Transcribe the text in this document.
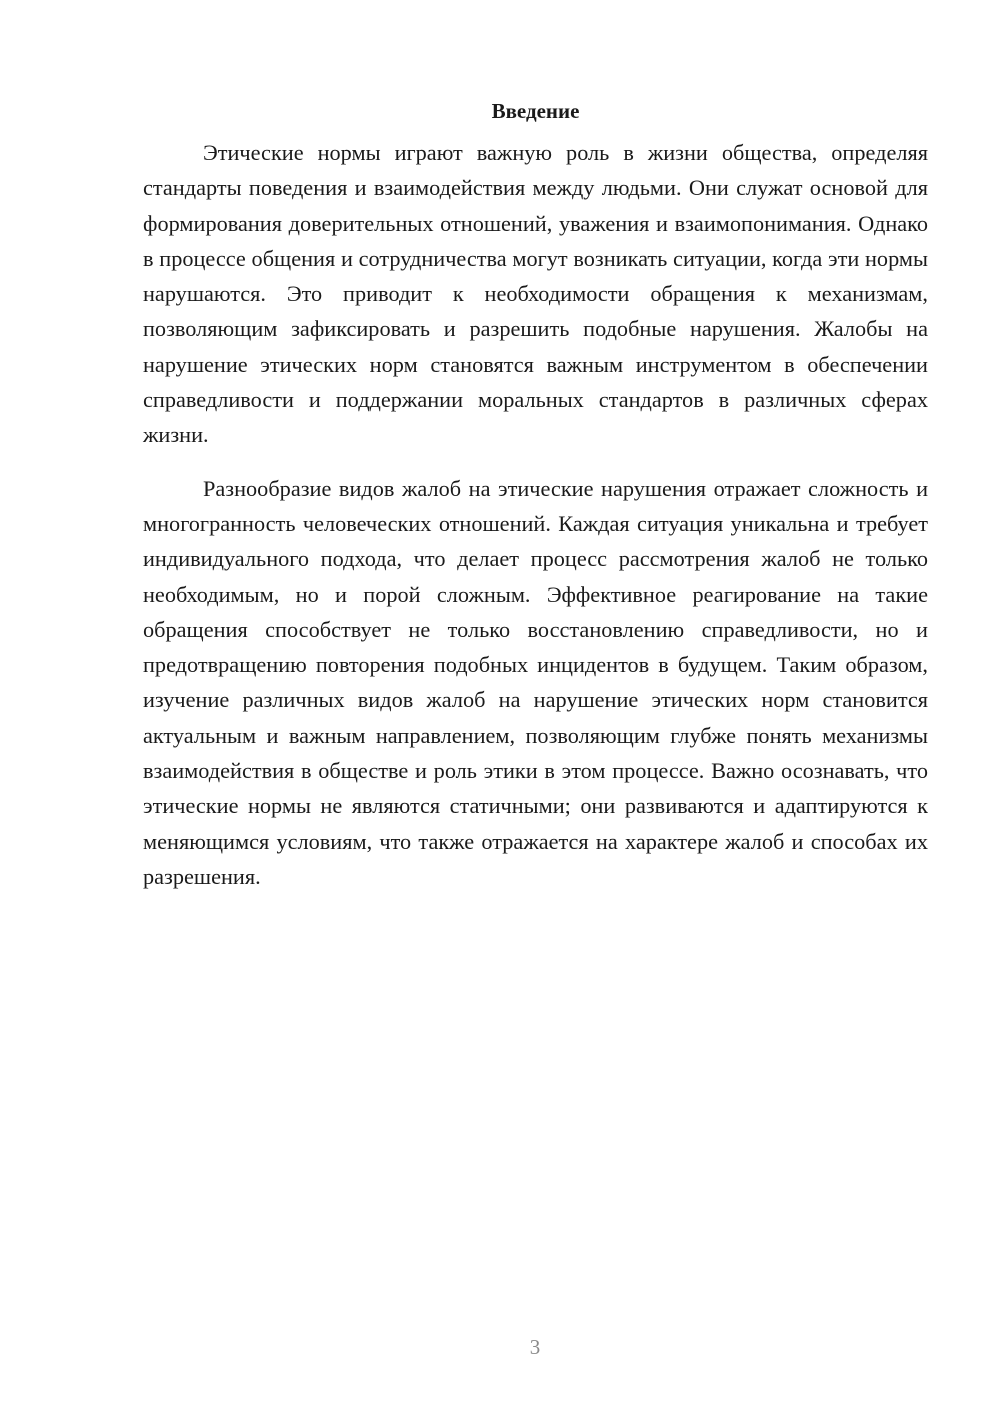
Введение

Этические нормы играют важную роль в жизни общества, определяя стандарты поведения и взаимодействия между людьми. Они служат основой для формирования доверительных отношений, уважения и взаимопонимания. Однако в процессе общения и сотрудничества могут возникать ситуации, когда эти нормы нарушаются. Это приводит к необходимости обращения к механизмам, позволяющим зафиксировать и разрешить подобные нарушения. Жалобы на нарушение этических норм становятся важным инструментом в обеспечении справедливости и поддержании моральных стандартов в различных сферах жизни.

Разнообразие видов жалоб на этические нарушения отражает сложность и многогранность человеческих отношений. Каждая ситуация уникальна и требует индивидуального подхода, что делает процесс рассмотрения жалоб не только необходимым, но и порой сложным. Эффективное реагирование на такие обращения способствует не только восстановлению справедливости, но и предотвращению повторения подобных инцидентов в будущем. Таким образом, изучение различных видов жалоб на нарушение этических норм становится актуальным и важным направлением, позволяющим глубже понять механизмы взаимодействия в обществе и роль этики в этом процессе. Важно осознавать, что этические нормы не являются статичными; они развиваются и адаптируются к меняющимся условиям, что также отражается на характере жалоб и способах их разрешения.

3
